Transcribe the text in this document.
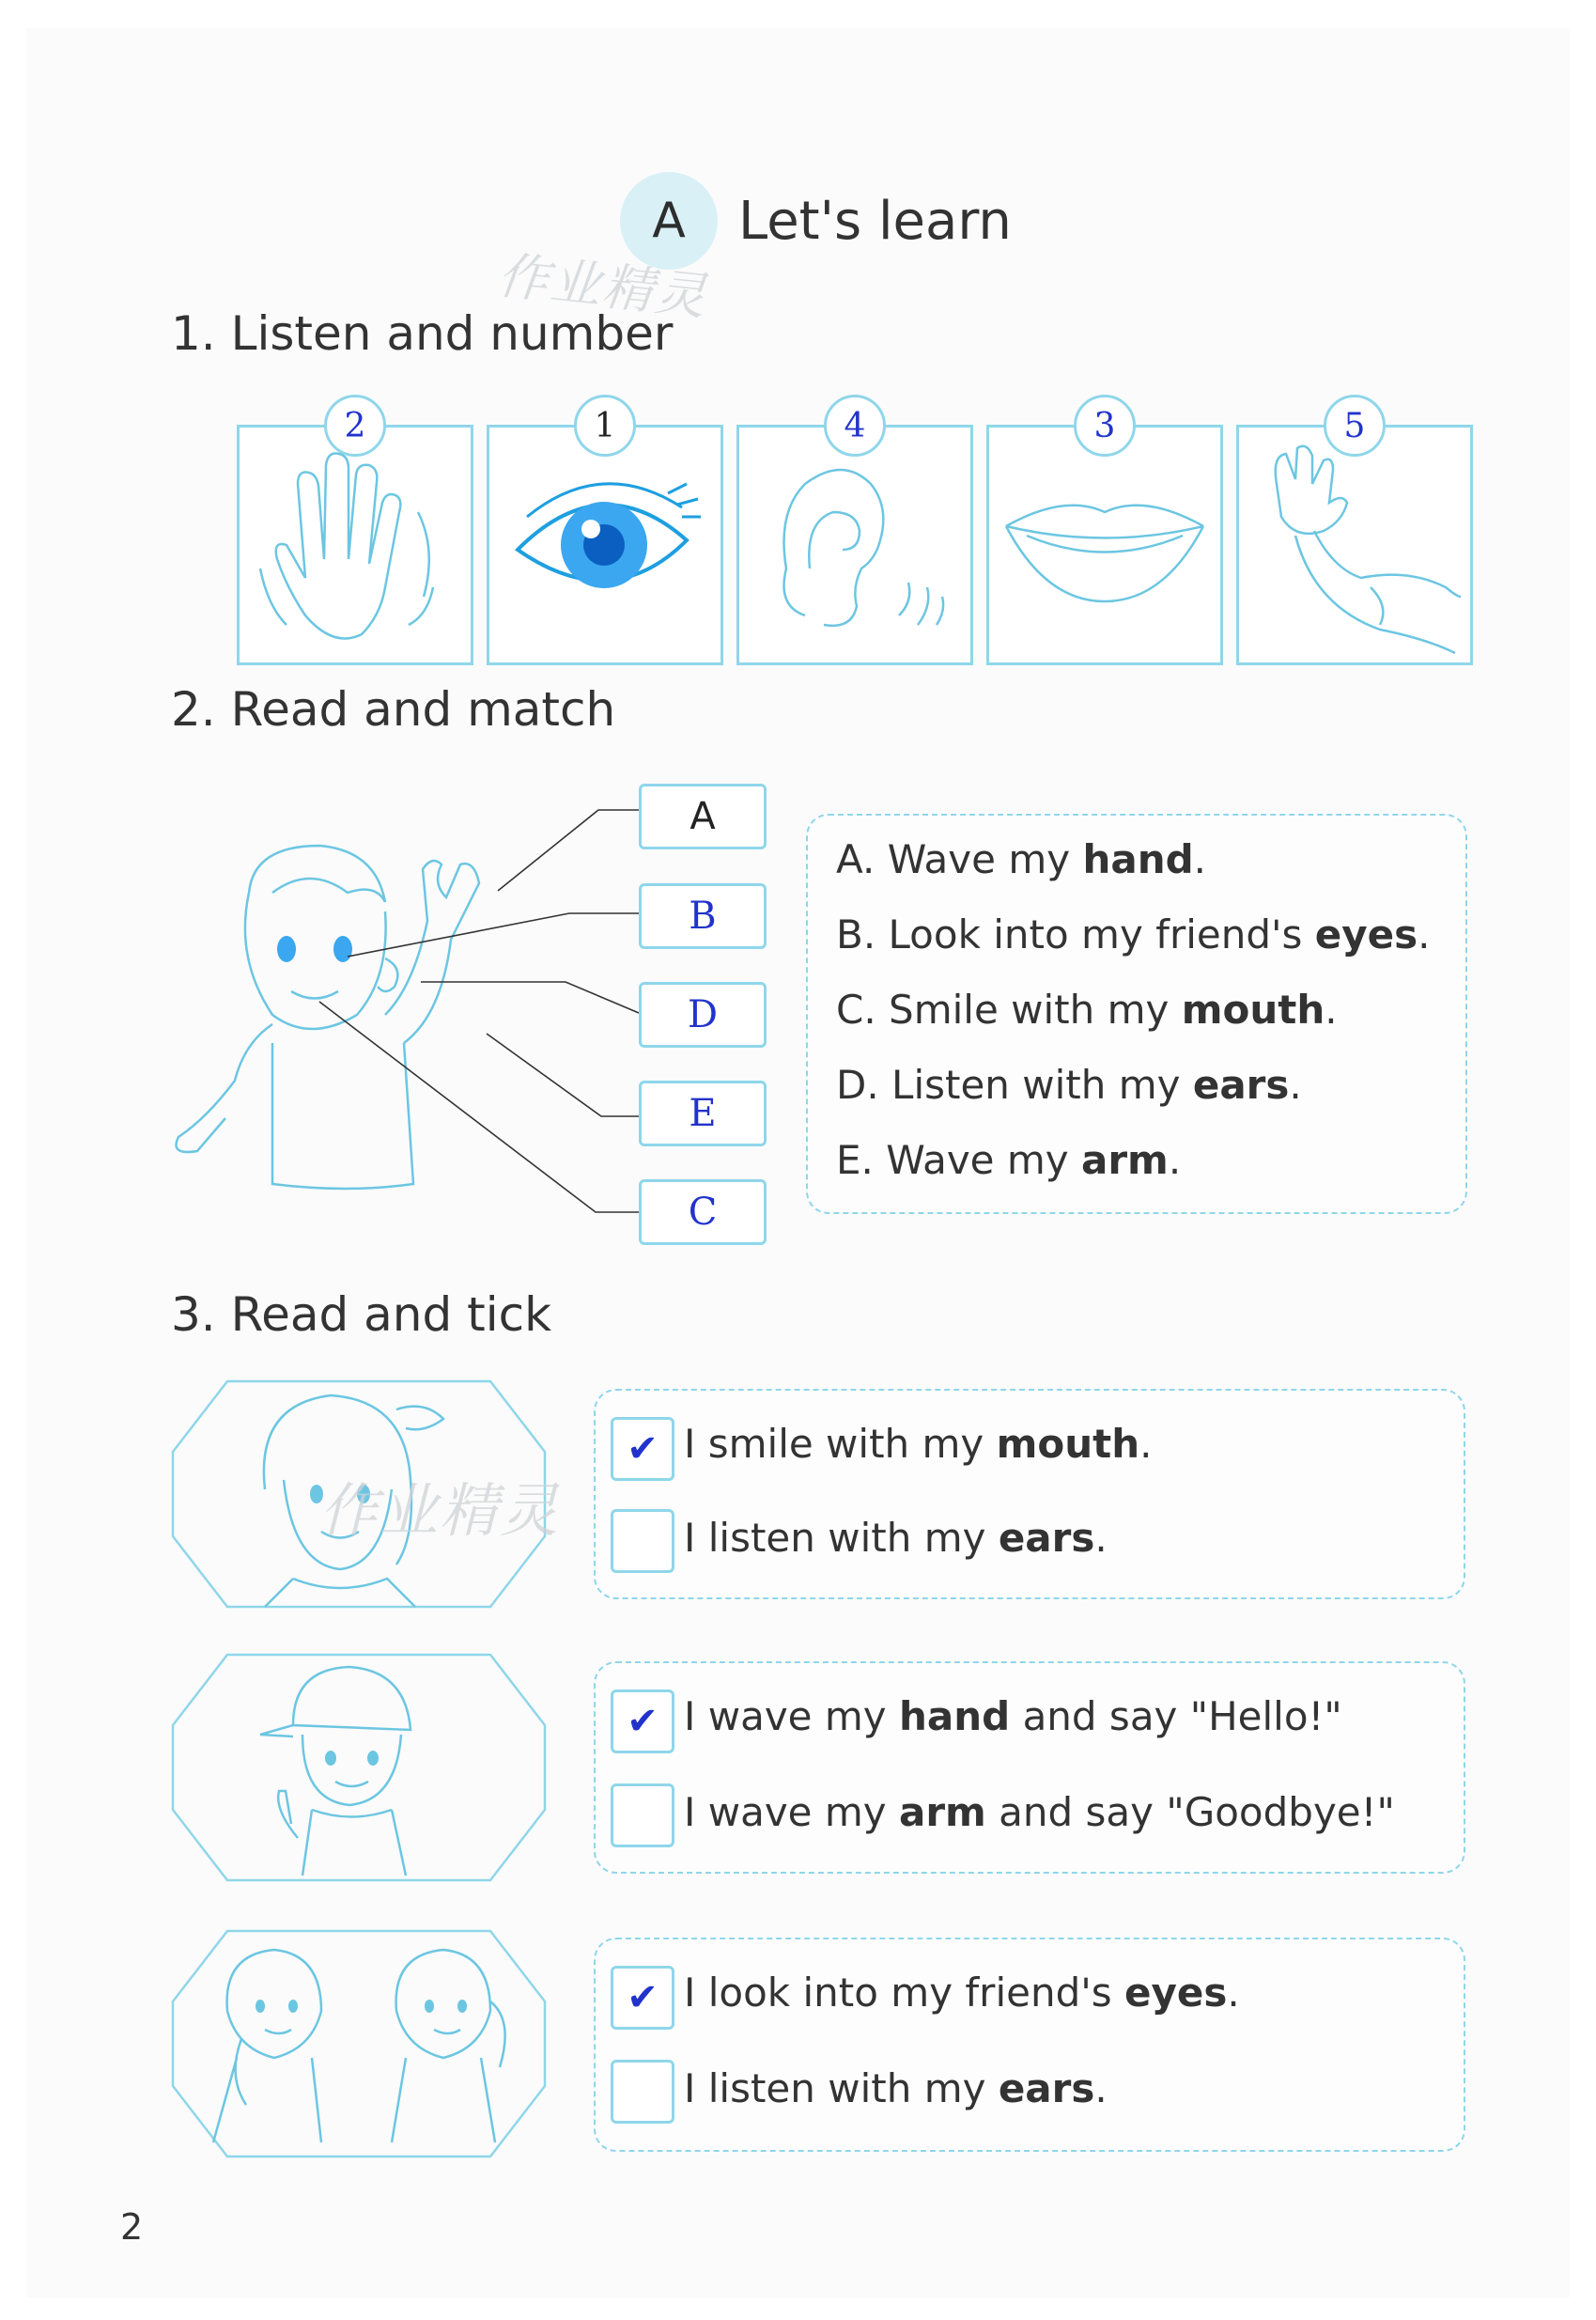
A	Let's learn
作业精灵
1. Listen and number
2	1	4	3	5
2. Read and match
A
B
D
E
C
A. Wave my hand.
B. Look into my friend's eyes.
C. Smile with my mouth.
D. Listen with my ears.
E. Wave my arm.
3. Read and tick
作业精灵
✔ I smile with my mouth.
I listen with my ears.
✔ I wave my hand and say "Hello!"
I wave my arm and say "Goodbye!"
✔ I look into my friend's eyes.
I listen with my ears.
2
